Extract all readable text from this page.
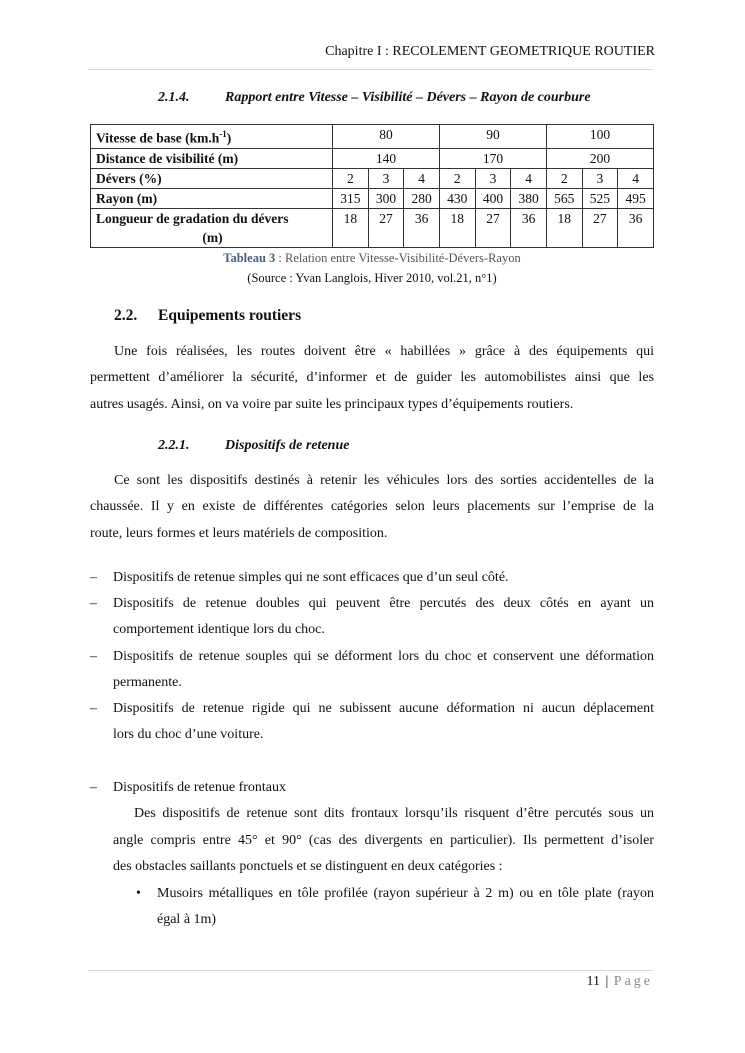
Chapitre I : RECOLEMENT GEOMETRIQUE ROUTIER
2.1.4.	Rapport entre Vitesse – Visibilité – Dévers – Rayon de courbure
Vitesse de base $(km.h^{-1})$	80			90			100		
Distance de visibilité (m)	140			170			200		
Dévers (%)	2	3	4	2	3	4	2	3	4
Rayon (m)	315	300	280	430	400	380	565	525	495

Longueur de gradation du dévers
(m)	18	27	36	18	27	36	18	27	36
Tableau 3 : Relation entre Vitesse-Visibilité-Dévers-Rayon
(Source : Yvan Langlois, Hiver 2010, vol.21, n°1)
2.2. Equipements routiers
Une fois réalisées, les routes doivent être « habillées » grâce à des équipements qui
permettent d’améliorer la sécurité, d’informer et de guider les automobilistes ainsi que les
autres usagés. Ainsi, on va voire par suite les principaux types d’équipements routiers.
2.2.1.	Dispositifs de retenue
Ce sont les dispositifs destinés à retenir les véhicules lors des sorties accidentelles de la
chaussée. Il y en existe de différentes catégories selon leurs placements sur l’emprise de la
route, leurs formes et leurs matériels de composition.
– Dispositifs de retenue simples qui ne sont efficaces que d’un seul côté.
– Dispositifs de retenue doubles qui peuvent être percutés des deux côtés en ayant un
comportement identique lors du choc.
– Dispositifs de retenue souples qui se déforment lors du choc et conservent une déformation
permanente.
– Dispositifs de retenue rigide qui ne subissent aucune déformation ni aucun déplacement
lors du choc d’une voiture.
– Dispositifs de retenue frontaux
Des dispositifs de retenue sont dits frontaux lorsqu’ils risquent d’être percutés sous un
angle compris entre 45° et 90° (cas des divergents en particulier). Ils permettent d’isoler
des obstacles saillants ponctuels et se distinguent en deux catégories :
• Musoirs métalliques en tôle profilée (rayon supérieur à 2 m) ou en tôle plate (rayon
égal à 1m)
11 | Page
